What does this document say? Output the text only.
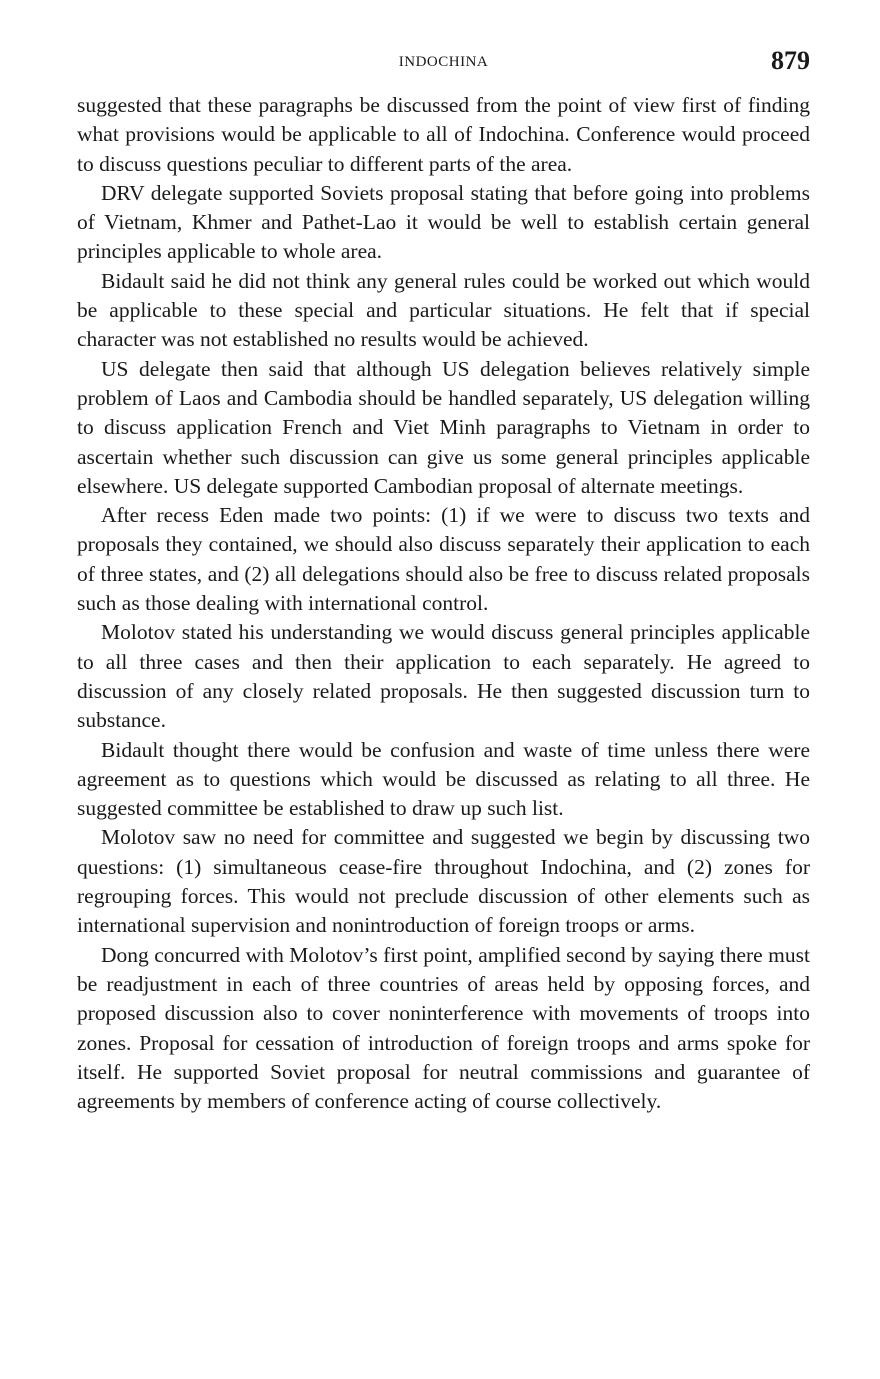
INDOCHINA	879

suggested that these paragraphs be discussed from the point of view first of finding what provisions would be applicable to all of Indochina. Conference would proceed to discuss questions peculiar to different parts of the area.

DRV delegate supported Soviets proposal stating that before going into problems of Vietnam, Khmer and Pathet-Lao it would be well to establish certain general principles applicable to whole area.

Bidault said he did not think any general rules could be worked out which would be applicable to these special and particular situations. He felt that if special character was not established no results would be achieved.

US delegate then said that although US delegation believes relatively simple problem of Laos and Cambodia should be handled separately, US delegation willing to discuss application French and Viet Minh paragraphs to Vietnam in order to ascertain whether such discussion can give us some general principles applicable elsewhere. US delegate supported Cambodian proposal of alternate meetings.

After recess Eden made two points: (1) if we were to discuss two texts and proposals they contained, we should also discuss separately their application to each of three states, and (2) all delegations should also be free to discuss related proposals such as those dealing with international control.

Molotov stated his understanding we would discuss general principles applicable to all three cases and then their application to each separately. He agreed to discussion of any closely related proposals. He then suggested discussion turn to substance.

Bidault thought there would be confusion and waste of time unless there were agreement as to questions which would be discussed as relating to all three. He suggested committee be established to draw up such list.

Molotov saw no need for committee and suggested we begin by discussing two questions: (1) simultaneous cease-fire throughout Indochina, and (2) zones for regrouping forces. This would not preclude discussion of other elements such as international supervision and nonintroduction of foreign troops or arms.

Dong concurred with Molotov’s first point, amplified second by saying there must be readjustment in each of three countries of areas held by opposing forces, and proposed discussion also to cover noninterference with movements of troops into zones. Proposal for cessation of introduction of foreign troops and arms spoke for itself. He supported Soviet proposal for neutral commissions and guarantee of agreements by members of conference acting of course collectively.
